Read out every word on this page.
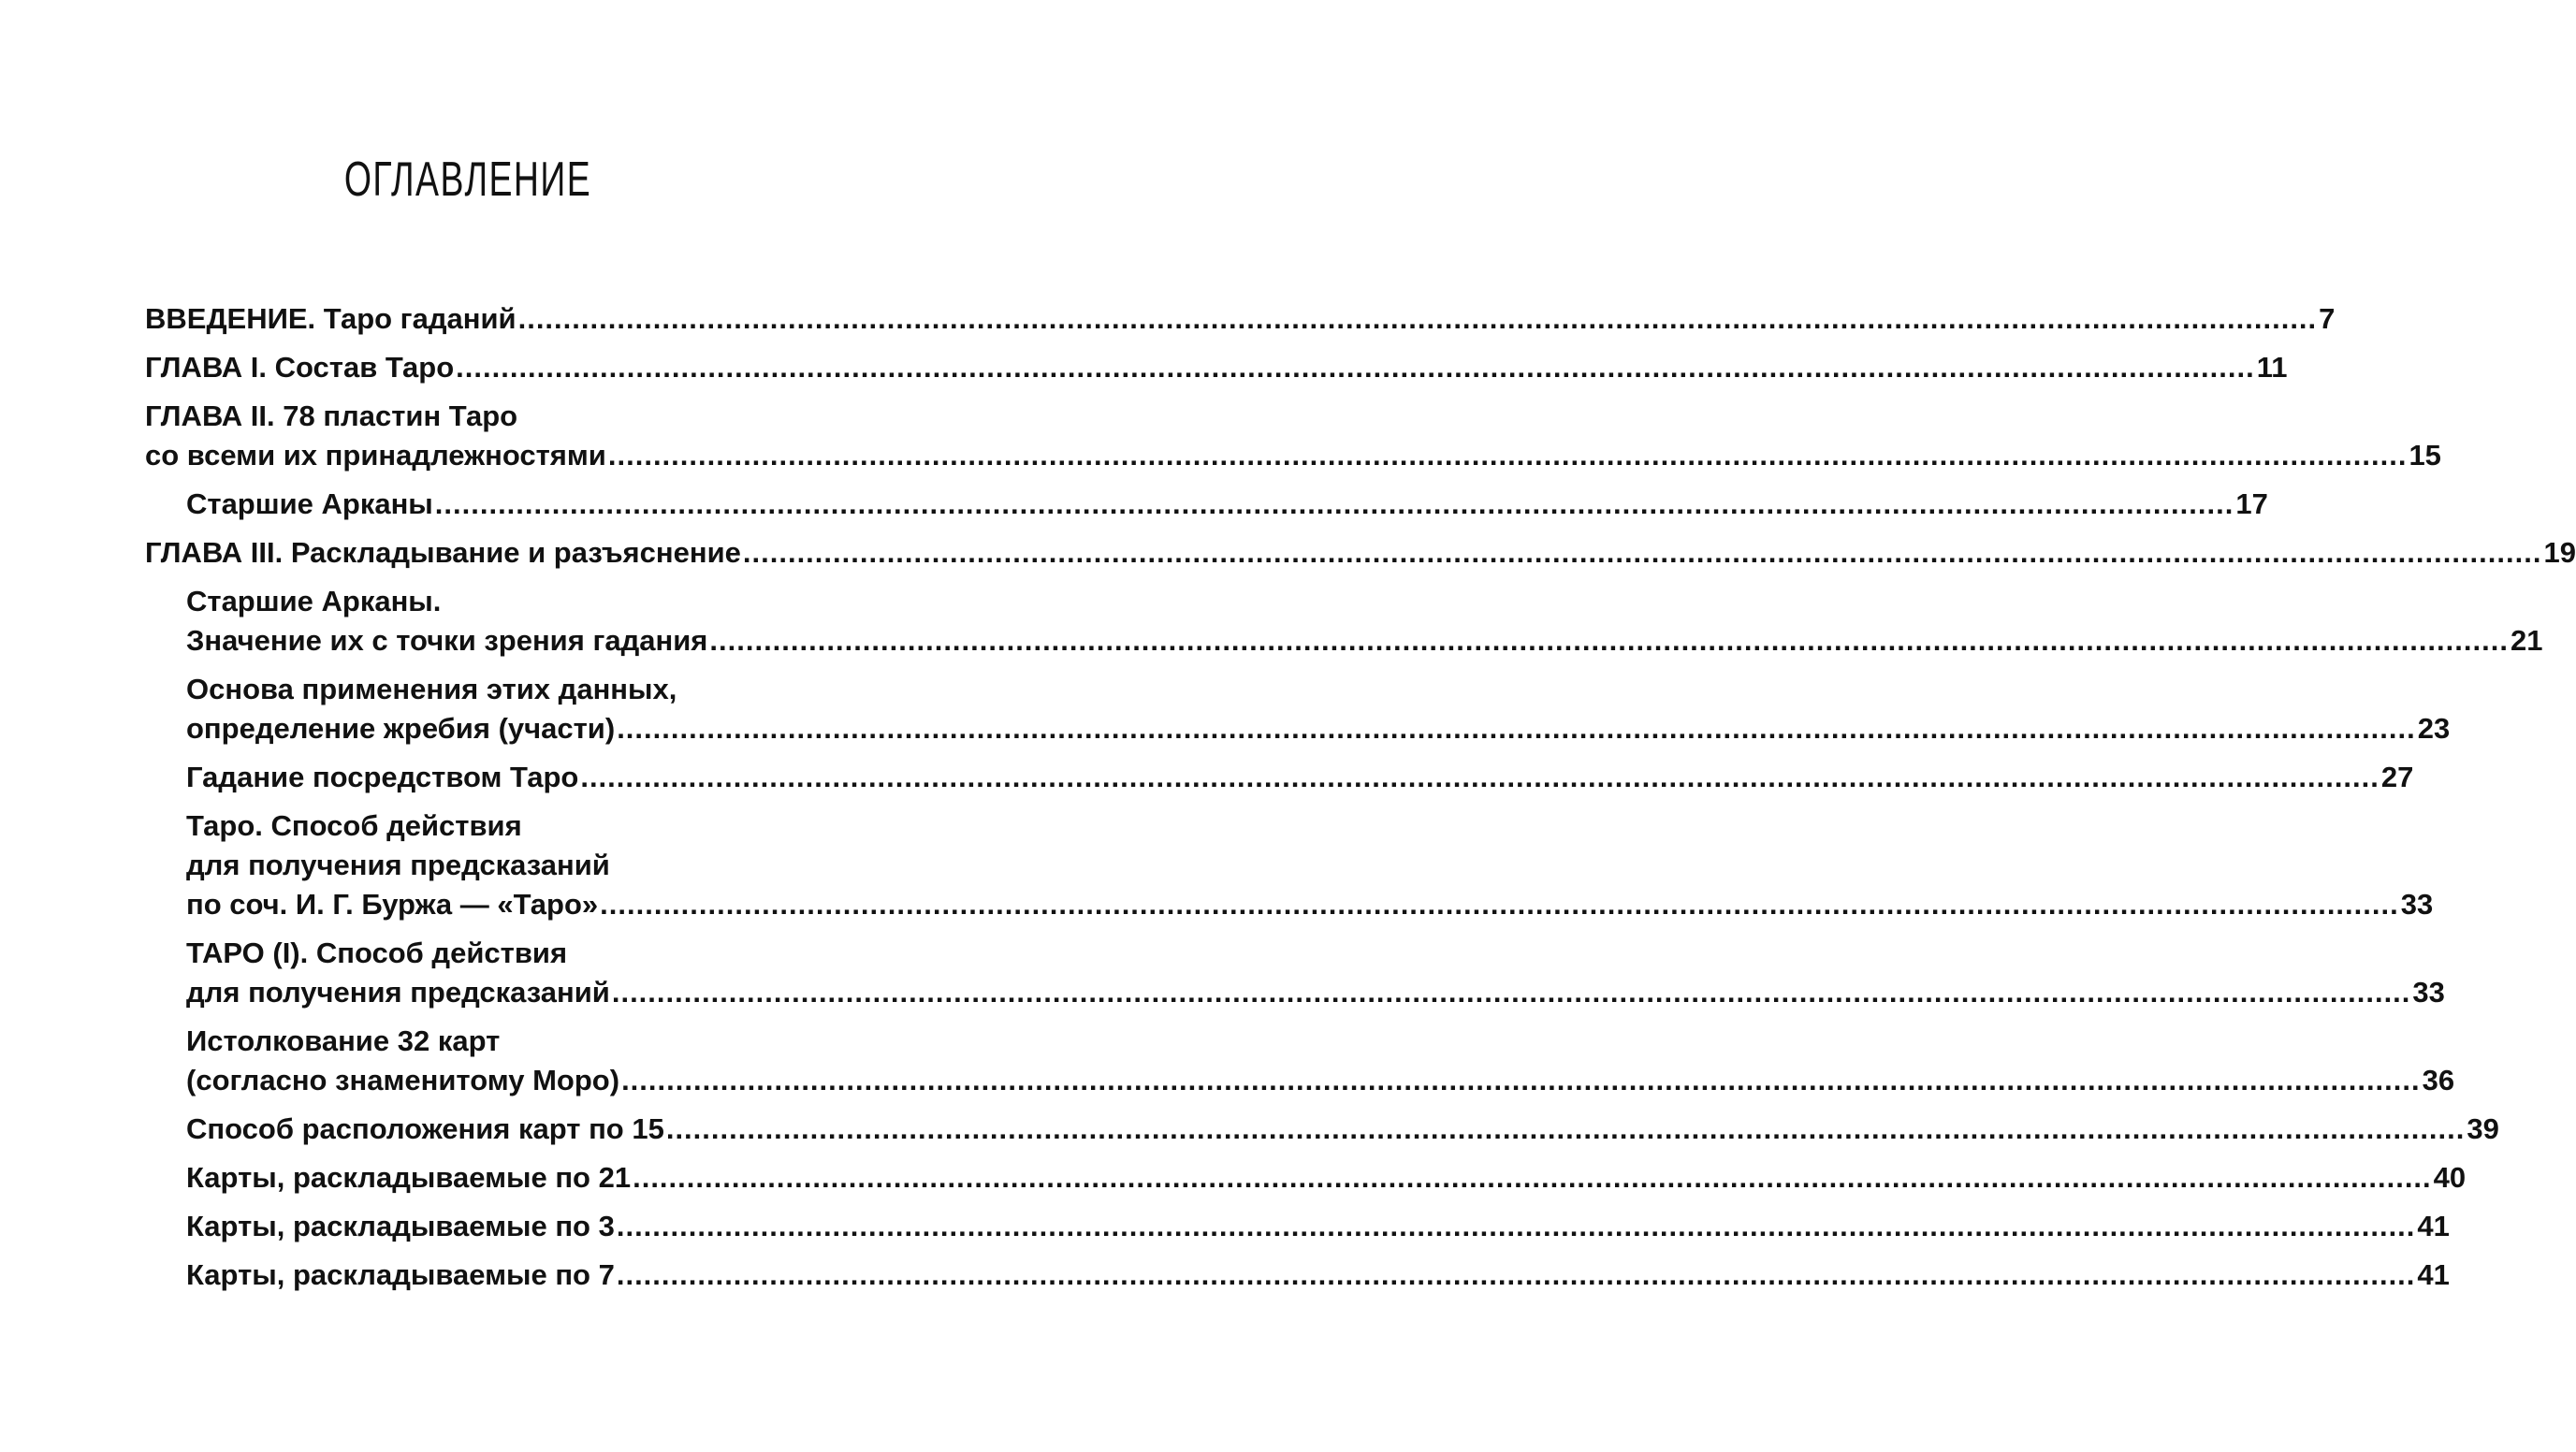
ОГЛАВЛЕНИЕ
ВВЕДЕНИЕ. Таро гаданий ........................................................................................................................................................................................................ 7
ГЛАВА I. Состав Таро ........................................................................................................................................................................................................ 11
ГЛАВА II. 78 пластин Таро
со всеми их принадлежностями ........................................................................................................................................................................................................ 15
Старшие Арканы ........................................................................................................................................................................................................ 17
ГЛАВА III. Раскладывание и разъяснение ........................................................................................................................................................................................................ 19
Старшие Арканы.
Значение их с точки зрения гадания ........................................................................................................................................................................................................ 21
Основа применения этих данных,
определение жребия (участи) ........................................................................................................................................................................................................ 23
Гадание посредством Таро ........................................................................................................................................................................................................ 27
Таро. Способ действия
для получения предсказаний
по соч. И. Г. Буржа — «Таро» ........................................................................................................................................................................................................ 33
ТАРО (I). Способ действия
для получения предсказаний ........................................................................................................................................................................................................ 33
Истолкование 32 карт
(согласно знаменитому Моро) ........................................................................................................................................................................................................ 36
Способ расположения карт по 15 ........................................................................................................................................................................................................ 39
Карты, раскладываемые по 21 ........................................................................................................................................................................................................ 40
Карты, раскладываемые по 3 ........................................................................................................................................................................................................ 41
Карты, раскладываемые по 7 ........................................................................................................................................................................................................ 41
